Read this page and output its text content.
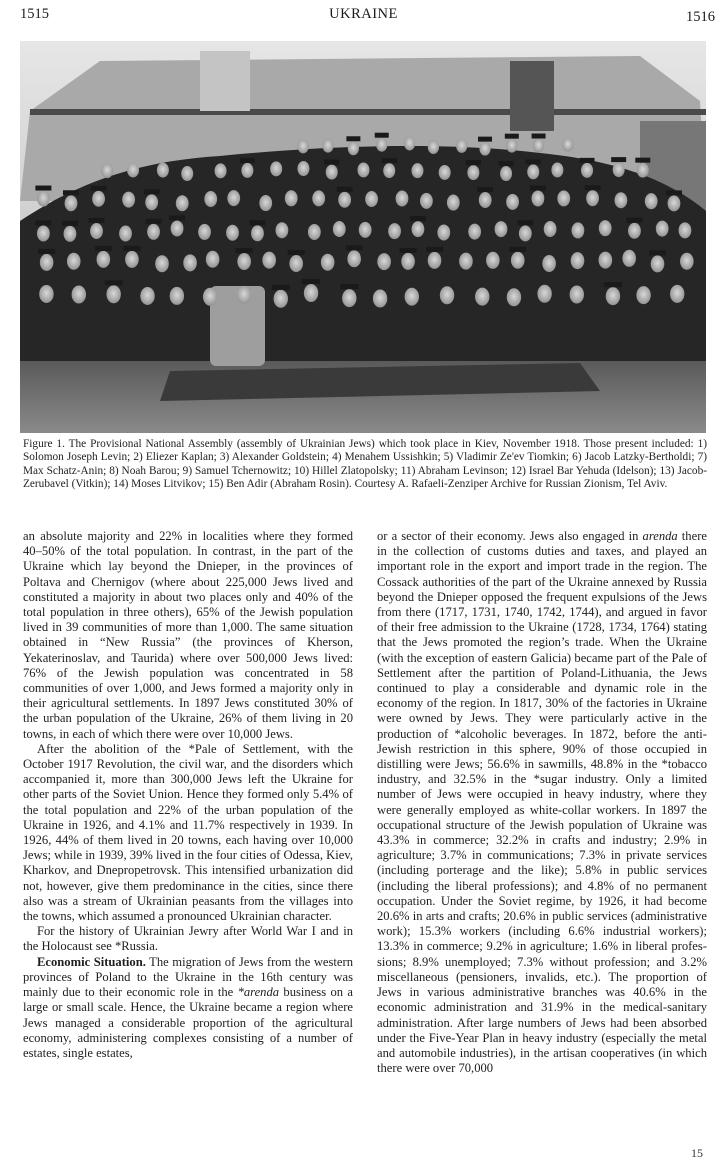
1515	UKRAINE	1516
Figure 1. The Provisional National Assembly (assembly of Ukrainian Jews) which took place in Kiev, November 1918. Those present included: 1) Solomon Joseph Levin; 2) Eliezer Kaplan; 3) Alexander Goldstein; 4) Menahem Ussishkin; 5) Vladimir Ze'ev Tiomkin; 6) Jacob Latzky-Bertholdi; 7) Max Schatz-Anin; 8) Noah Barou; 9) Samuel Tchernowitz; 10) Hillel Zlatopolsky; 11) Abraham Levinson; 12) Israel Bar Yehuda (Idelson); 13) Jacob-Zerubavel (Vitkin); 14) Moses Litvikov; 15) Ben Adir (Abraham Rosin). Courtesy A. Rafaeli-Zenziper Archive for Russian Zionism, Tel Aviv.

an absolute majority and 22% in localities where they formed 40–50% of the total population. In contrast, in the part of the Ukraine which lay beyond the Dnieper, in the provinces of Poltava and Chernigov (where about 225,000 Jews lived and constituted a majority in about two places only and 40% of the total population in three others), 65% of the Jewish population lived in 39 communities of more than 1,000. The same situation obtained in “New Russia” (the provinces of Kherson, Yekaterinoslav, and Taurida) where over 500,000 Jews lived: 76% of the Jewish population was concentrated in 58 communities of over 1,000, and Jews formed a majority only in their agricultural settlements. In 1897 Jews constituted 30% of the urban population of the Ukraine, 26% of them living in 20 towns, in each of which there were over 10,000 Jews.

After the abolition of the *Pale of Settlement, with the October 1917 Revolution, the civil war, and the disorders which accompanied it, more than 300,000 Jews left the Ukraine for other parts of the Soviet Union. Hence they formed only 5.4% of the total population and 22% of the urban population of the Ukraine in 1926, and 4.1% and 11.7% respectively in 1939. In 1926, 44% of them lived in 20 towns, each having over 10,000 Jews; while in 1939, 39% lived in the four cities of Odessa, Kiev, Kharkov, and Dnepropetrovsk. This intensified urbanization did not, however, give them predominance in the cities, since there also was a stream of Ukrainian peasants from the villages into the towns, which assumed a pronounced Ukrainian character.

For the history of Ukrainian Jewry after World War I and in the Holocaust see *Russia.

Economic Situation. The migration of Jews from the western provinces of Poland to the Ukraine in the 16th century was mainly due to their economic role in the *arenda business on a large or small scale. Hence, the Ukraine became a region where Jews managed a considerable proportion of the agricultural economy, administering complexes consisting of a number of estates, single estates,

or a sector of their economy. Jews also engaged in arenda there in the collection of customs duties and taxes, and played an important role in the export and import trade in the region. The Cossack authorities of the part of the Ukraine annexed by Russia beyond the Dnieper opposed the frequent expulsions of the Jews from there (1717, 1731, 1740, 1742, 1744), and argued in favor of their free admission to the Ukraine (1728, 1734, 1764) stating that the Jews promoted the region’s trade. When the Ukraine (with the exception of eastern Galicia) became part of the Pale of Settlement after the partition of Poland-Lithuania, the Jews continued to play a considerable and dynamic role in the economy of the region. In 1817, 30% of the factories in Ukraine were owned by Jews. They were particularly active in the production of *alcoholic beverages. In 1872, before the anti-Jewish restriction in this sphere, 90% of those occupied in distilling were Jews; 56.6% in sawmills, 48.8% in the *tobacco industry, and 32.5% in the *sugar industry. Only a limited number of Jews were occupied in heavy industry, where they were generally employed as white-collar workers. In 1897 the occupational structure of the Jewish population of Ukraine was 43.3% in commerce; 32.2% in crafts and industry; 2.9% in agriculture; 3.7% in communications; 7.3% in private services (including porterage and the like); 5.8% in public services (including the liberal professions); and 4.8% of no permanent occupation. Under the Soviet regime, by 1926, it had become 20.6% in arts and crafts; 20.6% in public services (administrative work); 15.3% workers (including 6.6% industrial workers); 13.3% in commerce; 9.2% in agriculture; 1.6% in liberal professions; 8.9% unemployed; 7.3% without profession; and 3.2% miscellaneous (pensioners, invalids, etc.). The proportion of Jews in various administrative branches was 40.6% in the economic administration and 31.9% in the medical-sanitary administration. After large numbers of Jews had been absorbed under the Five-Year Plan in heavy industry (especially the metal and automobile industries), in the artisan cooperatives (in which there were over 70,000

15
